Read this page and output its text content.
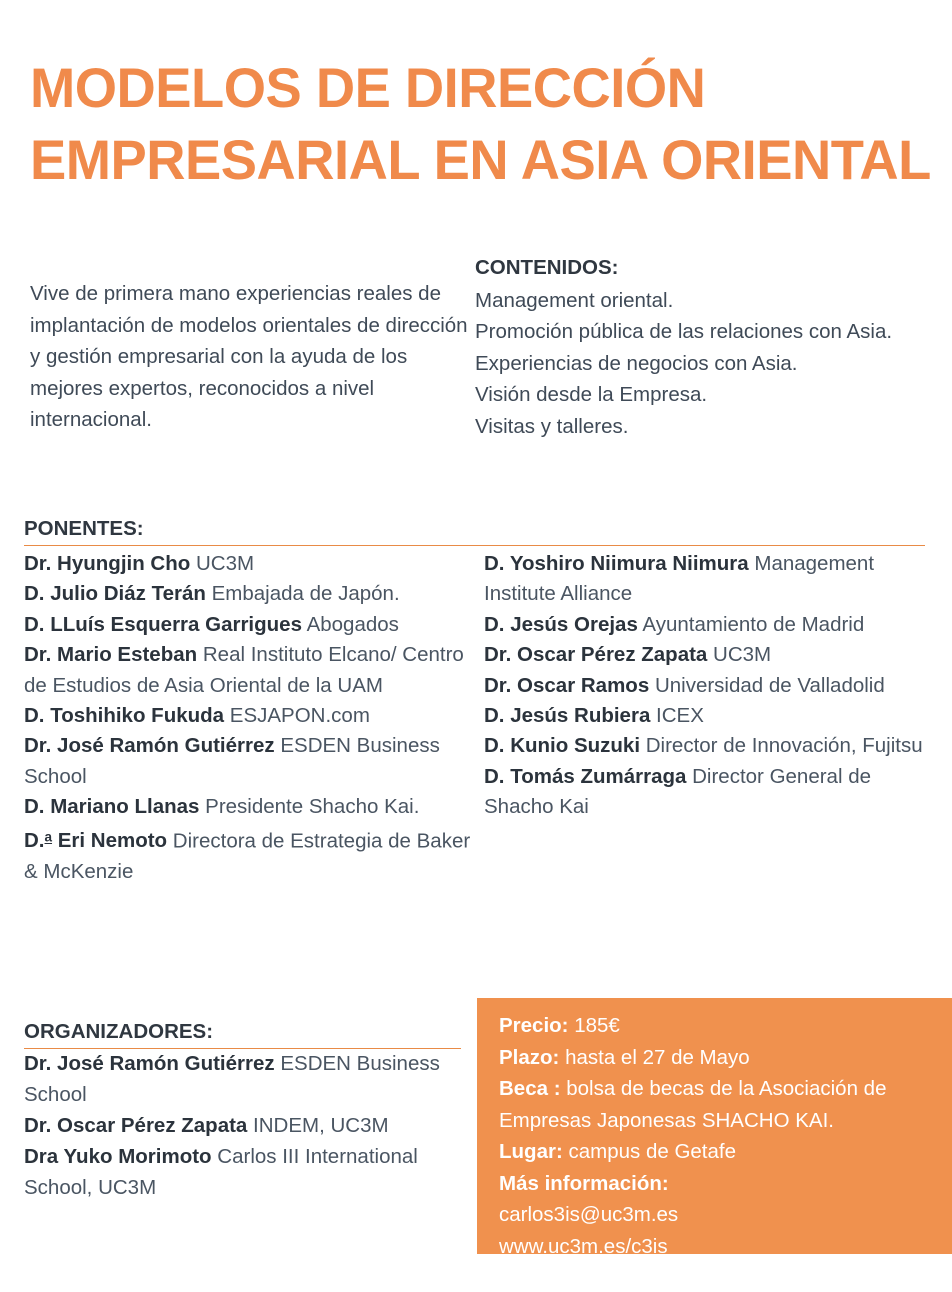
MODELOS DE DIRECCIÓN
EMPRESARIAL EN ASIA ORIENTAL

Vive de primera mano experiencias reales de implantación de modelos orientales de dirección y gestión empresarial con la ayuda de los mejores expertos, reconocidos a nivel internacional.

CONTENIDOS:
Management oriental.
Promoción pública de las relaciones con Asia.
Experiencias de negocios con Asia.
Visión desde la Empresa.
Visitas y talleres.
PONENTES:
Dr. Hyungjin Cho UC3M
D. Julio Diáz Terán Embajada de Japón.
D. LLuís Esquerra Garrigues Abogados
Dr. Mario Esteban Real Instituto Elcano/ Centro de Estudios de Asia Oriental de la UAM
D. Toshihiko Fukuda ESJAPON.com
Dr. José Ramón Gutiérrez ESDEN Business School
D. Mariano Llanas Presidente Shacho Kai.
D.$^a$ Eri Nemoto Directora de Estrategia de Baker & McKenzie
D. Yoshiro Niimura Niimura Management Institute Alliance
D. Jesús Orejas Ayuntamiento de Madrid
Dr. Oscar Pérez Zapata UC3M
Dr. Oscar Ramos Universidad de Valladolid
D. Jesús Rubiera ICEX
D. Kunio Suzuki Director de Innovación, Fujitsu
D. Tomás Zumárraga Director General de Shacho Kai
ORGANIZADORES:
Dr. José Ramón Gutiérrez ESDEN Business School
Dr. Oscar Pérez Zapata INDEM, UC3M
Dra Yuko Morimoto Carlos III International School, UC3M
Precio: 185€
Plazo: hasta el 27 de Mayo
Beca : bolsa de becas de la Asociación de Empresas Japonesas SHACHO KAI.
Lugar: campus de Getafe
Más información:
carlos3is@uc3m.es
www.uc3m.es/c3is
